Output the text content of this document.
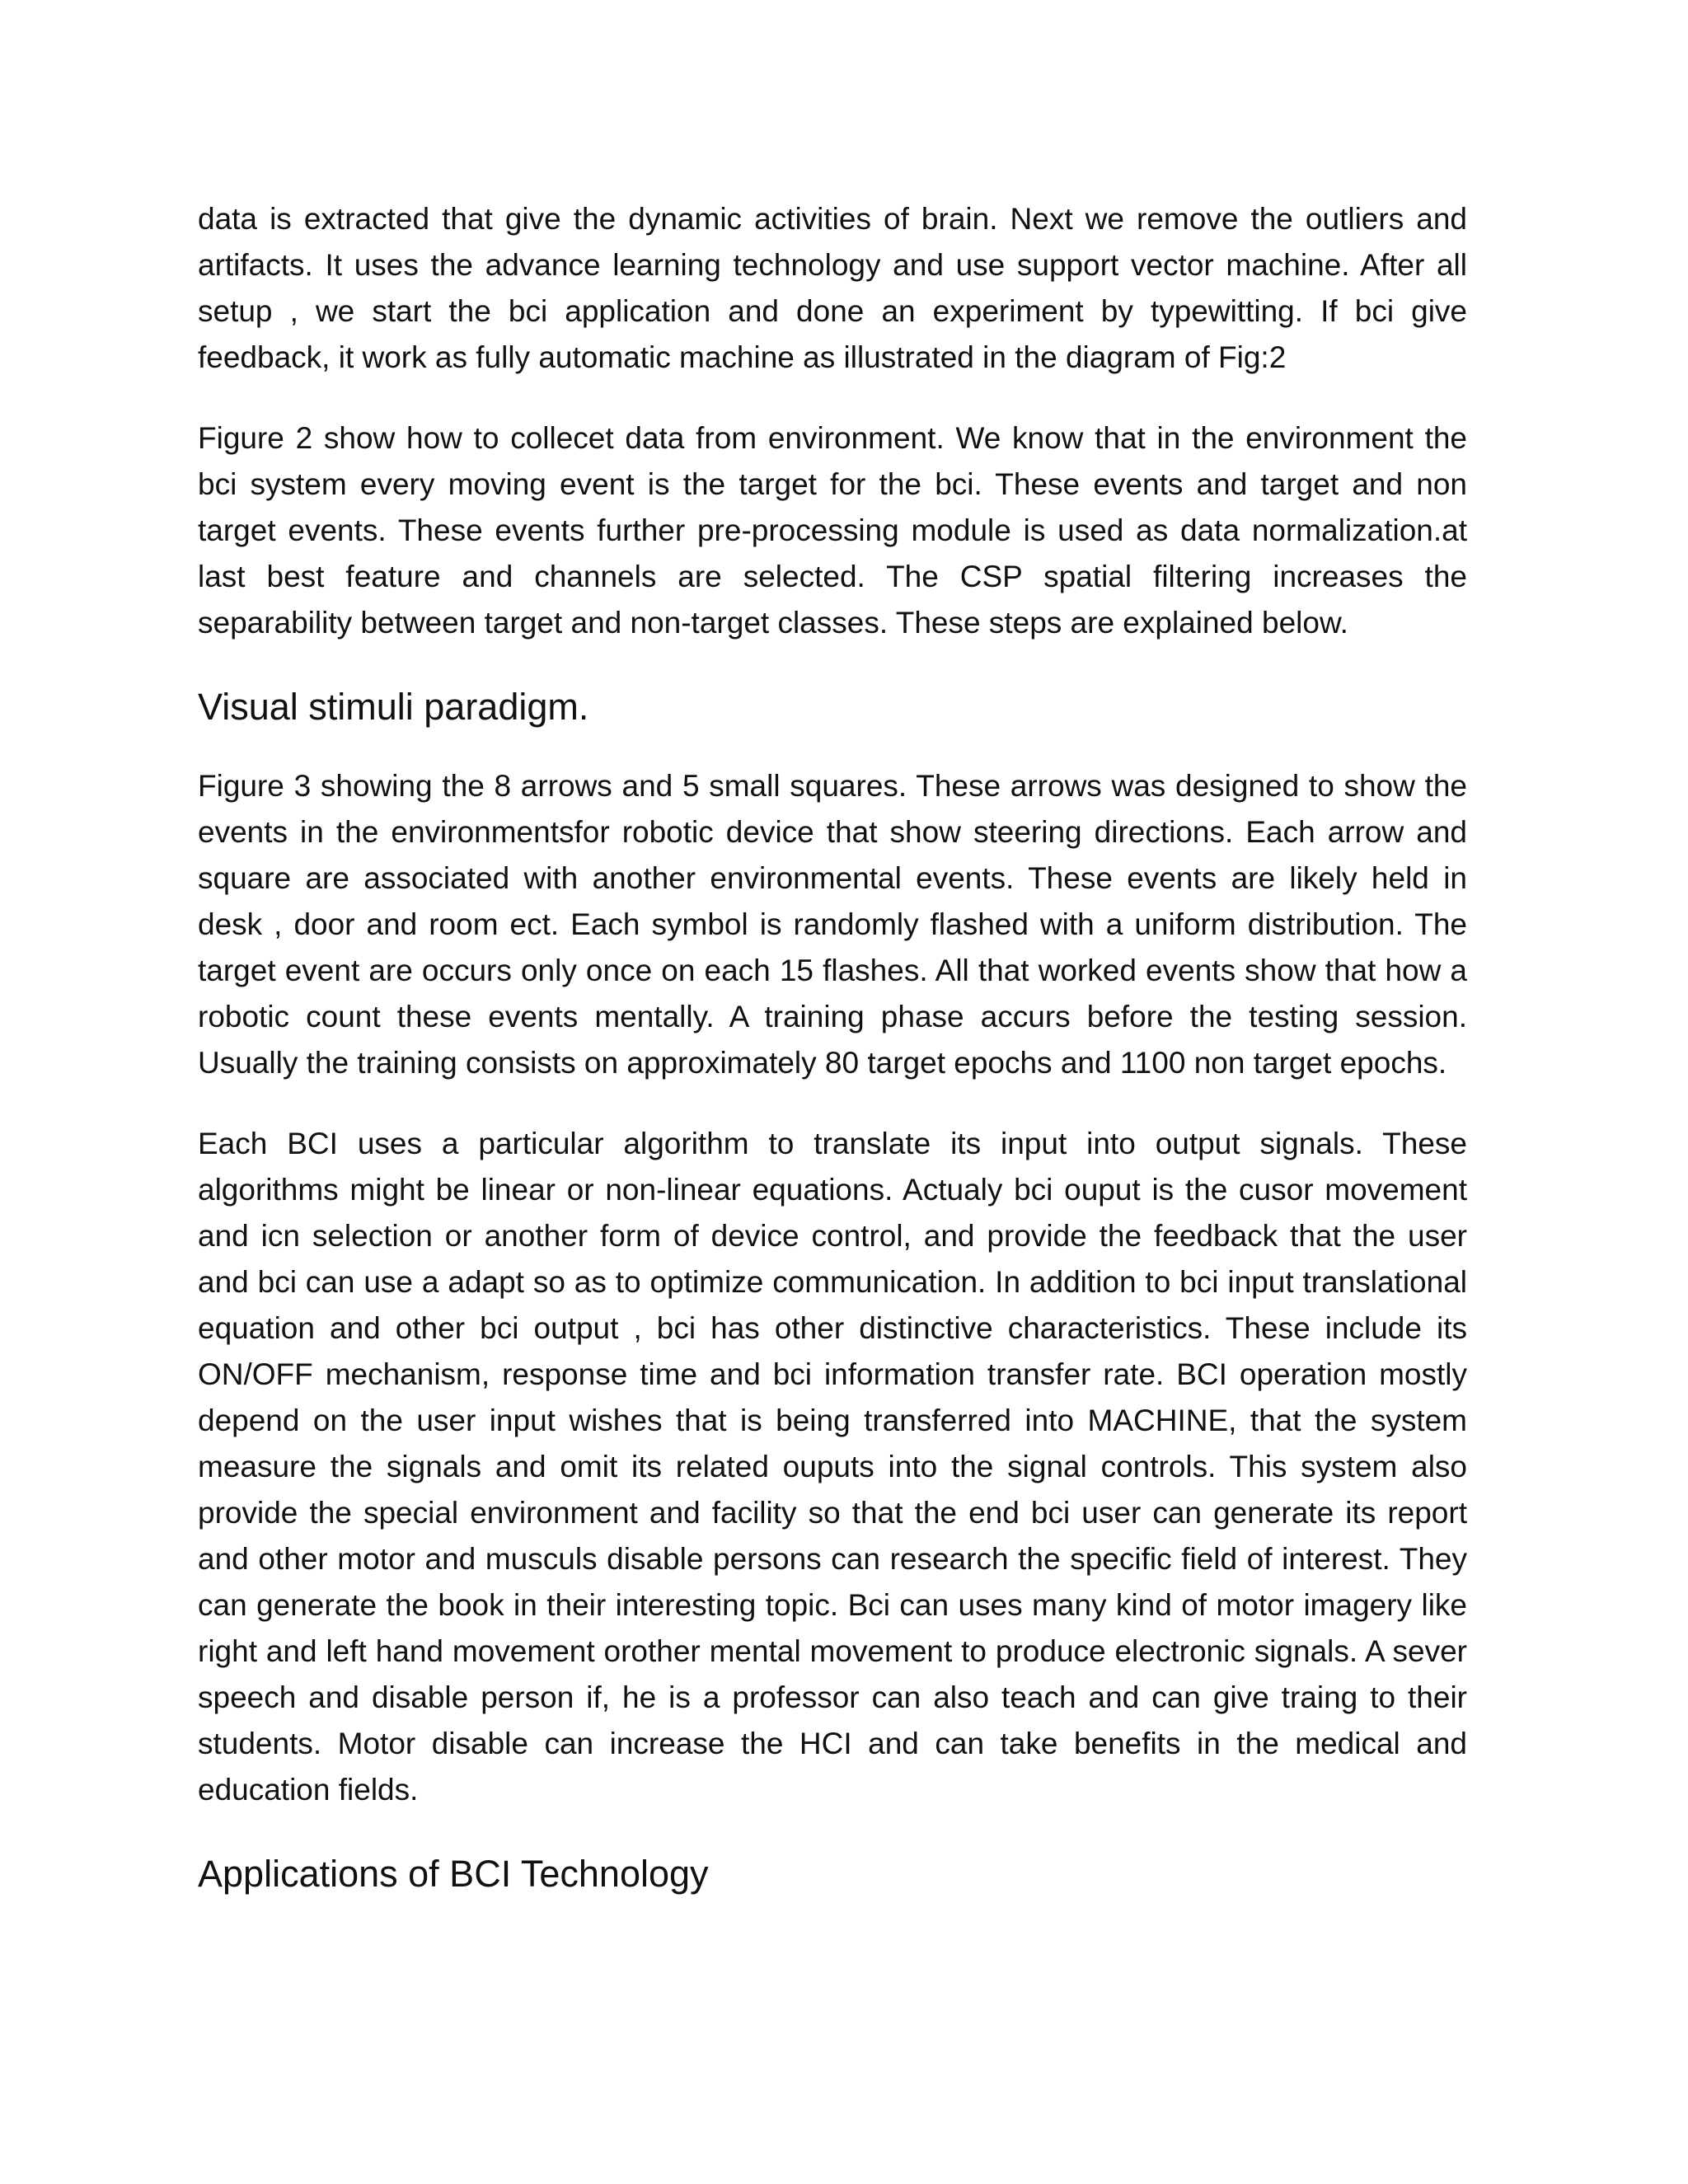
data is extracted that give the dynamic activities of brain. Next we remove the outliers and artifacts. It uses the advance learning technology and use support vector machine. After all setup , we start the bci application and done an experiment by typewitting. If bci give feedback, it work as fully automatic machine as illustrated in the diagram of Fig:2

Figure 2 show how to collecet data from environment. We know that in the environment the bci system every moving event is the target for the bci. These events and target and non target events. These events further pre-processing module is used as data normalization.at last best feature and channels are selected. The CSP spatial filtering increases the separability between target and non-target classes. These steps are explained below.

Visual stimuli paradigm.

Figure 3 showing the 8 arrows and 5 small squares. These arrows was designed to show the events in the environmentsfor robotic device that show steering directions. Each arrow and square are associated with another environmental events. These events are likely held in desk , door and room ect. Each symbol is randomly flashed with a uniform distribution. The target event are occurs only once on each 15 flashes. All that worked events show that how a robotic count these events mentally. A training phase accurs before the testing session. Usually the training consists on approximately 80 target epochs and 1100 non target epochs.

Each BCI uses a particular algorithm to translate its input into output signals. These algorithms might be linear or non-linear equations. Actualy bci ouput is the cusor movement and icn selection or another form of device control, and provide the feedback that the user and bci can use a adapt so as to optimize communication. In addition to bci input translational equation and other bci output , bci has other distinctive characteristics. These include its ON/OFF mechanism, response time and bci information transfer rate. BCI operation mostly depend on the user input wishes that is being transferred into MACHINE, that the system measure the signals and omit its related ouputs into the signal controls. This system also provide the special environment and facility so that the end bci user can generate its report and other motor and musculs disable persons can research the specific field of interest. They can generate the book in their interesting topic. Bci can uses many kind of motor imagery like right and left hand movement orother mental movement to produce electronic signals. A sever speech and disable person if, he is a professor can also teach and can give traing to their students. Motor disable can increase the HCI and can take benefits in the medical and education fields.

Applications of BCI Technology
